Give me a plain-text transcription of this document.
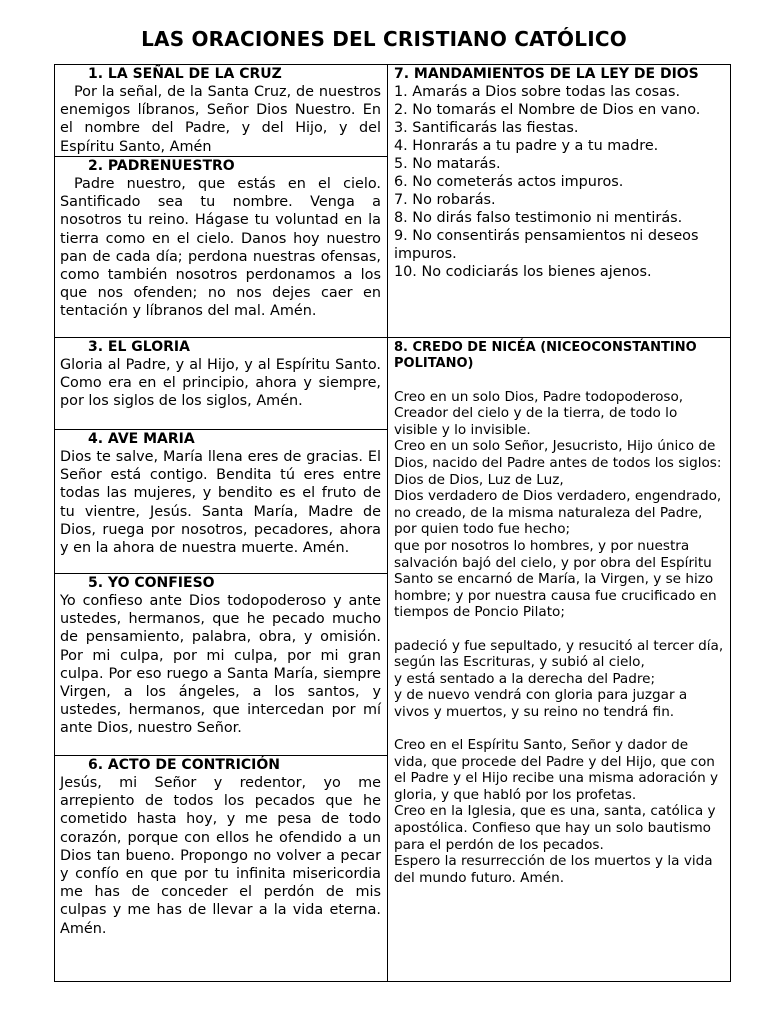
LAS ORACIONES DEL CRISTIANO CATÓLICO
1. LA SEÑAL DE LA CRUZ

Por la señal, de la Santa Cruz, de nuestros enemigos líbranos, Señor Dios Nuestro. En el nombre del Padre, y del Hijo, y del Espíritu Santo, Amén

2. PADRENUESTRO

Padre nuestro, que estás en el cielo. Santificado sea tu nombre. Venga a nosotros tu reino. Hágase tu voluntad en la tierra como en el cielo. Danos hoy nuestro pan de cada día; perdona nuestras ofensas, como también nosotros perdonamos a los que nos ofenden; no nos dejes caer en tentación y líbranos del mal. Amén.

3. EL GLORIA

Gloria al Padre, y al Hijo, y al Espíritu Santo. Como era en el principio, ahora y siempre, por los siglos de los siglos, Amén.

4. AVE MARIA

Dios te salve, María llena eres de gracias. El Señor está contigo. Bendita tú eres entre todas las mujeres, y bendito es el fruto de tu vientre, Jesús. Santa María, Madre de Dios, ruega por nosotros, pecadores, ahora y en la ahora de nuestra muerte. Amén.

5. YO CONFIESO

Yo confieso ante Dios todopoderoso y ante ustedes, hermanos, que he pecado mucho de pensamiento, palabra, obra, y omisión. Por mi culpa, por mi culpa, por mi gran culpa. Por eso ruego a Santa María, siempre Virgen, a los ángeles, a los santos, y ustedes, hermanos, que intercedan por mí ante Dios, nuestro Señor.

6. ACTO DE CONTRICIÓN

Jesús, mi Señor y redentor, yo me arrepiento de todos los pecados que he cometido hasta hoy, y me pesa de todo corazón, porque con ellos he ofendido a un Dios tan bueno. Propongo no volver a pecar y confío en que por tu infinita misericordia me has de conceder el perdón de mis culpas y me has de llevar a la vida eterna. Amén.

7. MANDAMIENTOS DE LA LEY DE DIOS
1. Amarás a Dios sobre todas las cosas.
2. No tomarás el Nombre de Dios en vano.
3. Santificarás las fiestas.
4. Honrarás a tu padre y a tu madre.
5. No matarás.
6. No cometerás actos impuros.
7. No robarás.
8. No dirás falso testimonio ni mentirás.
9. No consentirás pensamientos ni deseos impuros.
10. No codiciarás los bienes ajenos.
8. CREDO DE NICÉA (NICEOCONSTANTINO POLITANO)

Creo en un solo Dios, Padre todopoderoso, Creador del cielo y de la tierra, de todo lo visible y lo invisible.

Creo en un solo Señor, Jesucristo, Hijo único de Dios, nacido del Padre antes de todos los siglos:

Dios de Dios, Luz de Luz,

Dios verdadero de Dios verdadero, engendrado, no creado, de la misma naturaleza del Padre, por quien todo fue hecho;

que por nosotros lo hombres, y por nuestra salvación bajó del cielo, y por obra del Espíritu Santo se encarnó de María, la Virgen, y se hizo hombre; y por nuestra causa fue crucificado en tiempos de Poncio Pilato;

padeció y fue sepultado, y resucitó al tercer día,

según las Escrituras, y subió al cielo,

y está sentado a la derecha del Padre;

y de nuevo vendrá con gloria para juzgar a vivos y muertos, y su reino no tendrá fin.

Creo en el Espíritu Santo, Señor y dador de vida, que procede del Padre y del Hijo, que con el Padre y el Hijo recibe una misma adoración y gloria, y que habló por los profetas.

Creo en la Iglesia, que es una, santa, católica y apostólica. Confieso que hay un solo bautismo para el perdón de los pecados.

Espero la resurrección de los muertos y la vida del mundo futuro. Amén.
